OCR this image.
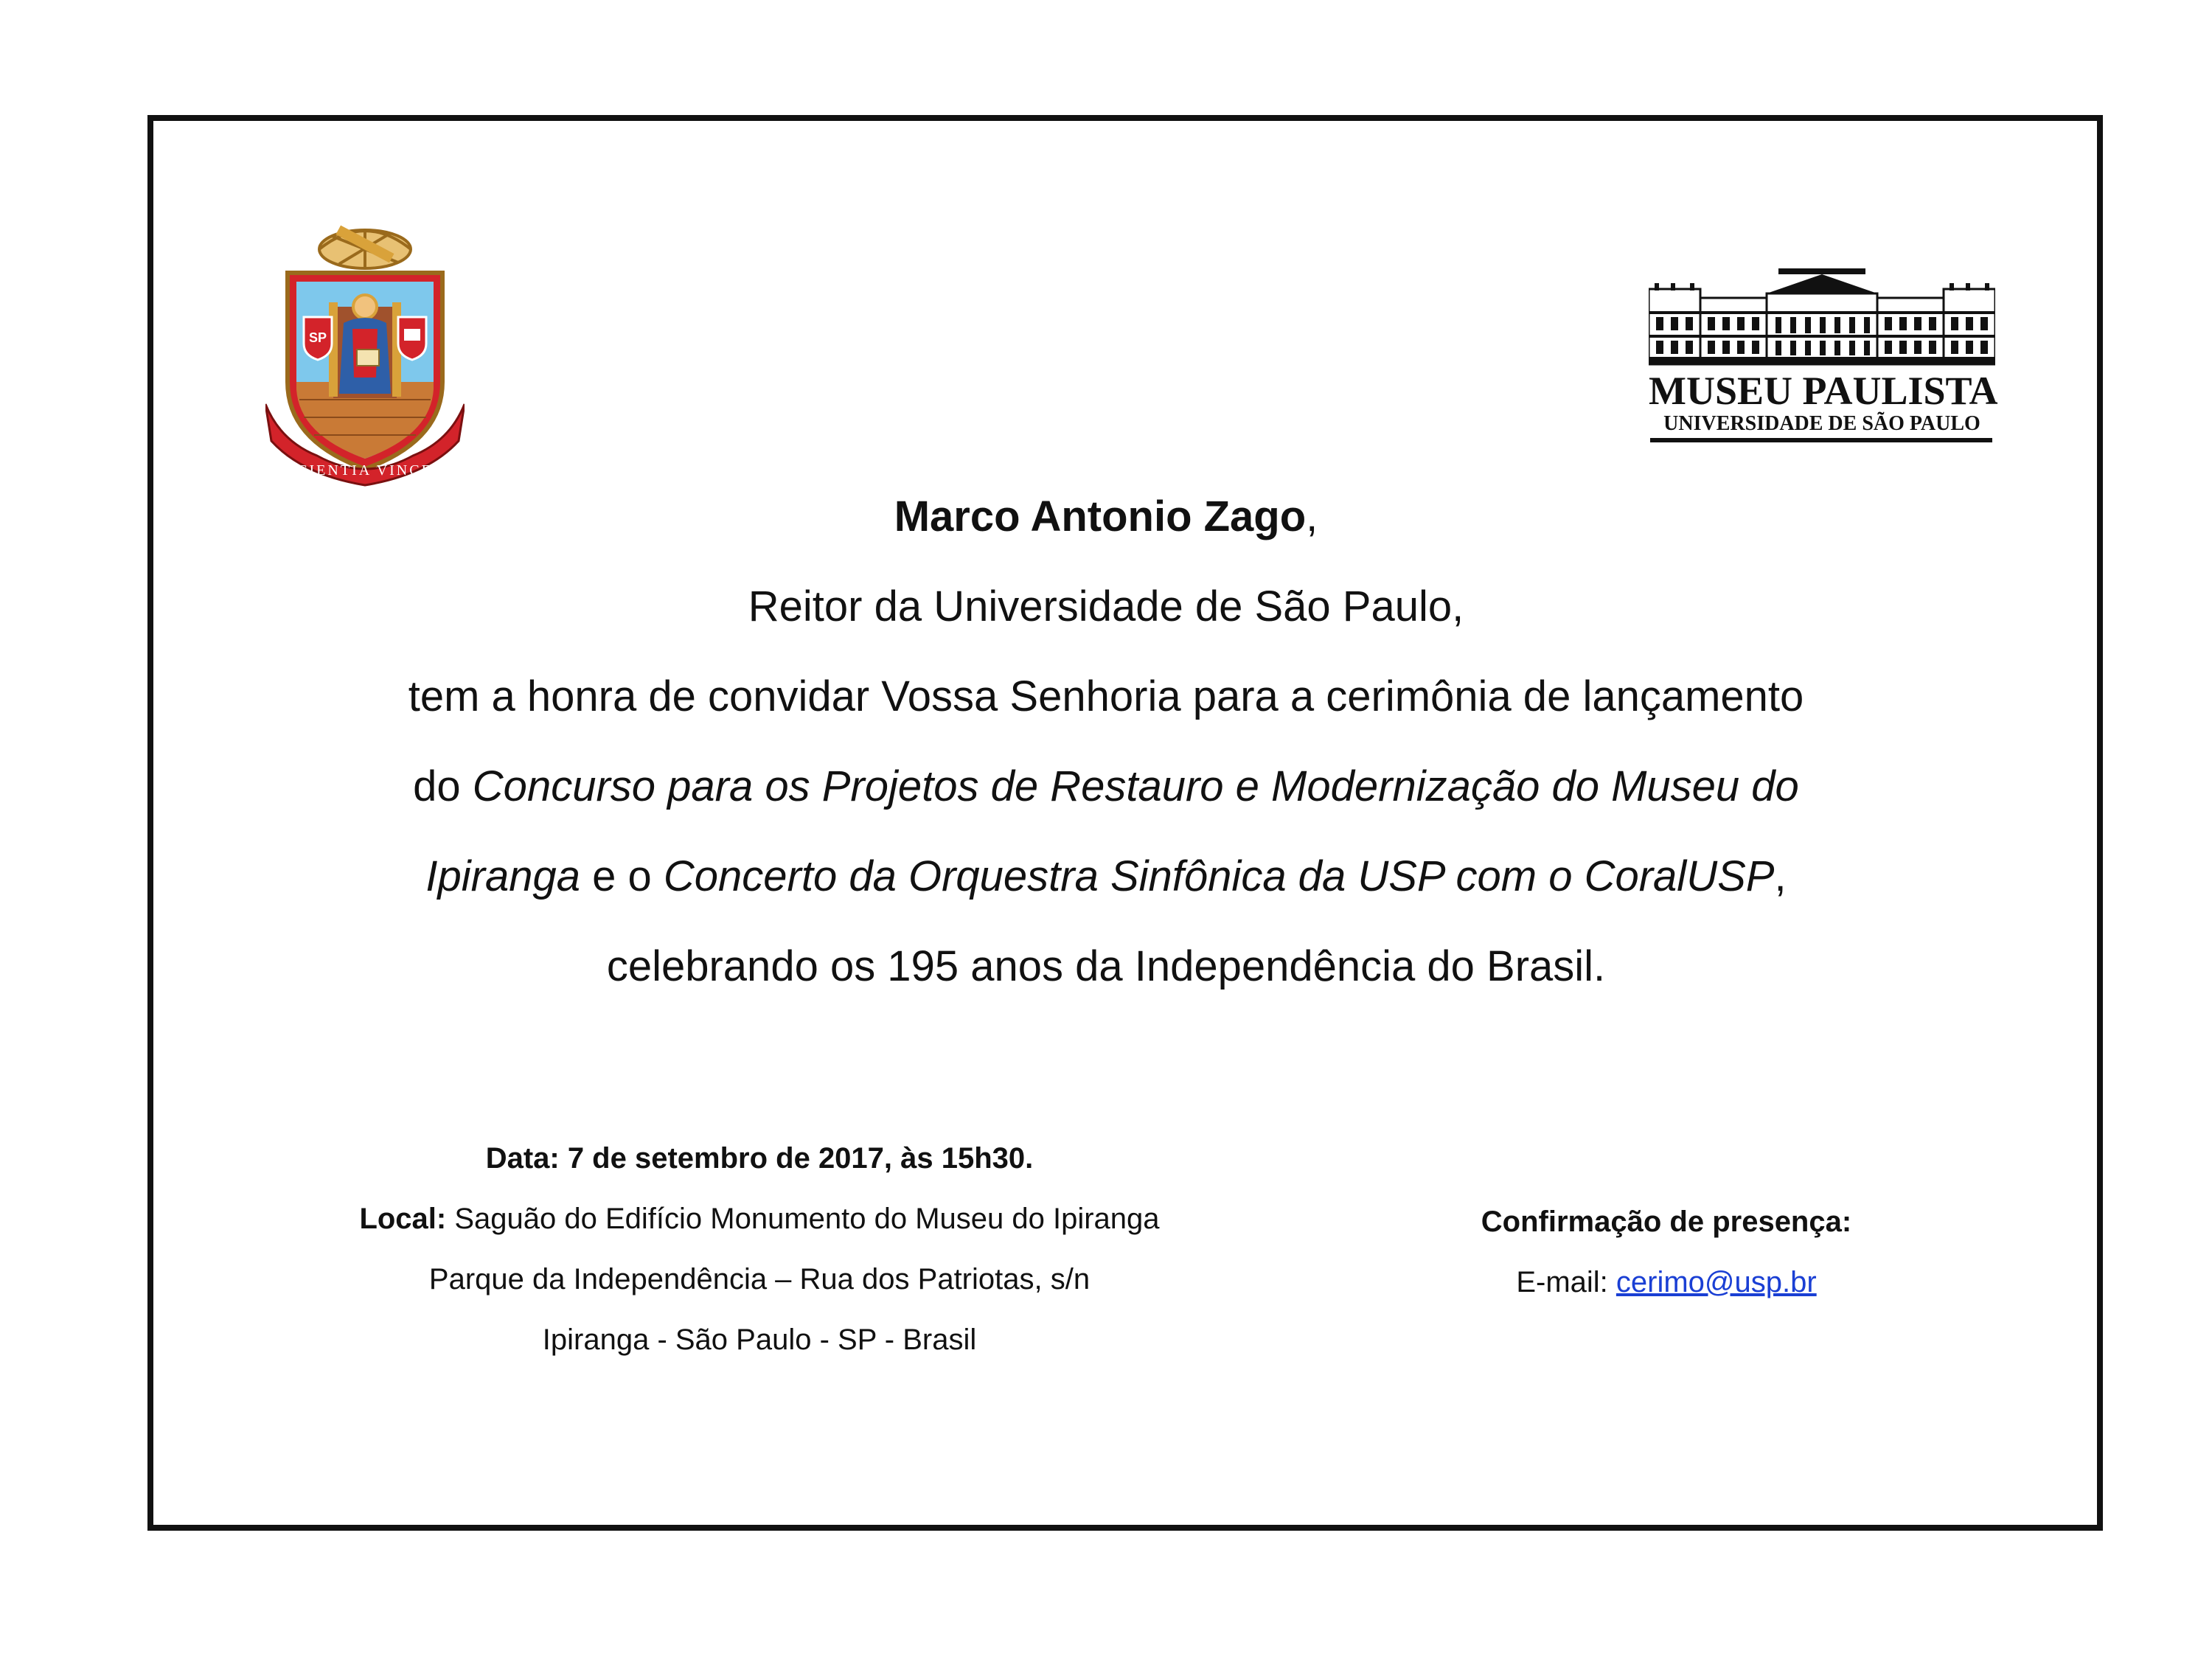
SP
SCIENTIA VINCES
MUSEU PAULISTA
UNIVERSIDADE DE SÃO PAULO
Marco Antonio Zago,
Reitor da Universidade de São Paulo,
tem a honra de convidar Vossa Senhoria para a cerimônia de lançamento
do Concurso para os Projetos de Restauro e Modernização do Museu do
Ipiranga e o Concerto da Orquestra Sinfônica da USP com o CoralUSP,
celebrando os 195 anos da Independência do Brasil.
Data: 7 de setembro de 2017, às 15h30.
Local: Saguão do Edifício Monumento do Museu do Ipiranga
Parque da Independência – Rua dos Patriotas, s/n
Ipiranga - São Paulo - SP - Brasil
Confirmação de presença:
E-mail: cerimo@usp.br
